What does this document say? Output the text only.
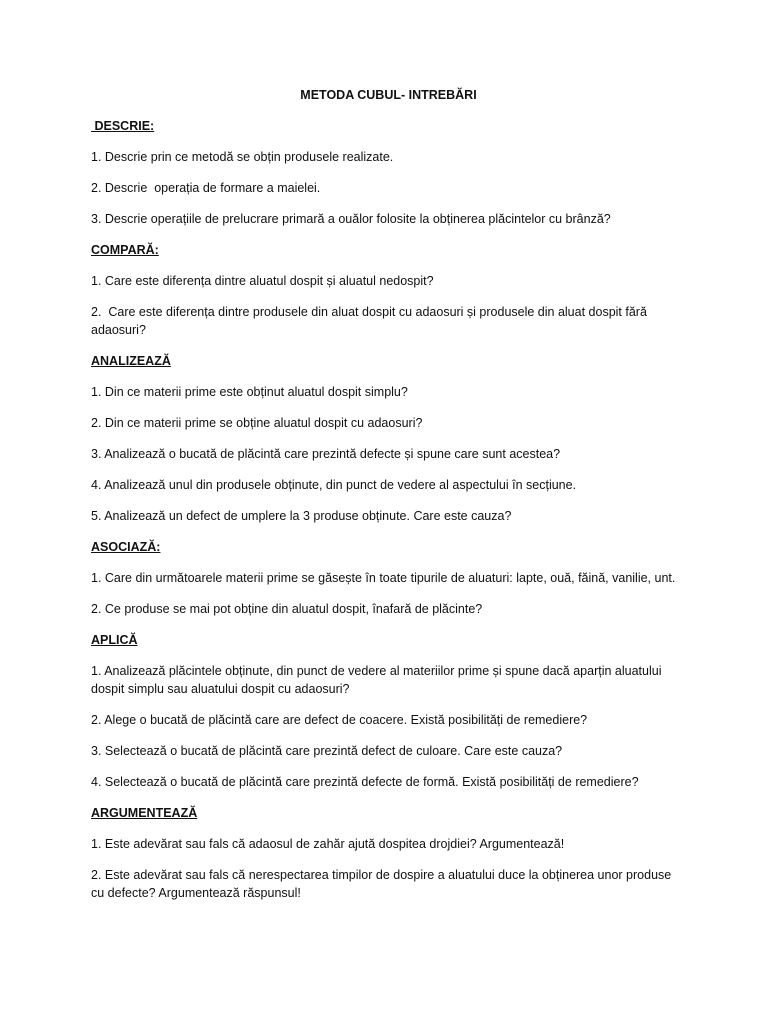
METODA CUBUL- INTREBĂRI
DESCRIE:
1. Descrie prin ce metodă se obțin produsele realizate.
2. Descrie  operația de formare a maielei.
3. Descrie operațiile de prelucrare primară a ouălor folosite la obținerea plăcintelor cu brânză?
COMPARĂ:
1. Care este diferența dintre aluatul dospit și aluatul nedospit?
2.  Care este diferența dintre produsele din aluat dospit cu adaosuri și produsele din aluat dospit fără adaosuri?
ANALIZEAZĂ
1. Din ce materii prime este obținut aluatul dospit simplu?
2. Din ce materii prime se obține aluatul dospit cu adaosuri?
3. Analizează o bucată de plăcintă care prezintă defecte și spune care sunt acestea?
4. Analizează unul din produsele obținute, din punct de vedere al aspectului în secțiune.
5. Analizează un defect de umplere la 3 produse obținute. Care este cauza?
ASOCIAZĂ:
1. Care din următoarele materii prime se găsește în toate tipurile de aluaturi: lapte, ouă, făină, vanilie, unt.
2. Ce produse se mai pot obține din aluatul dospit, înafară de plăcinte?
APLICĂ
1. Analizează plăcintele obținute, din punct de vedere al materiilor prime și spune dacă aparțin aluatului dospit simplu sau aluatului dospit cu adaosuri?
2. Alege o bucată de plăcintă care are defect de coacere. Există posibilități de remediere?
3. Selectează o bucată de plăcintă care prezintă defect de culoare. Care este cauza?
4. Selectează o bucată de plăcintă care prezintă defecte de formă. Există posibilități de remediere?
ARGUMENTEAZĂ
1. Este adevărat sau fals că adaosul de zahăr ajută dospitea drojdiei? Argumentează!
2. Este adevărat sau fals că nerespectarea timpilor de dospire a aluatului duce la obținerea unor produse cu defecte? Argumentează răspunsul!
